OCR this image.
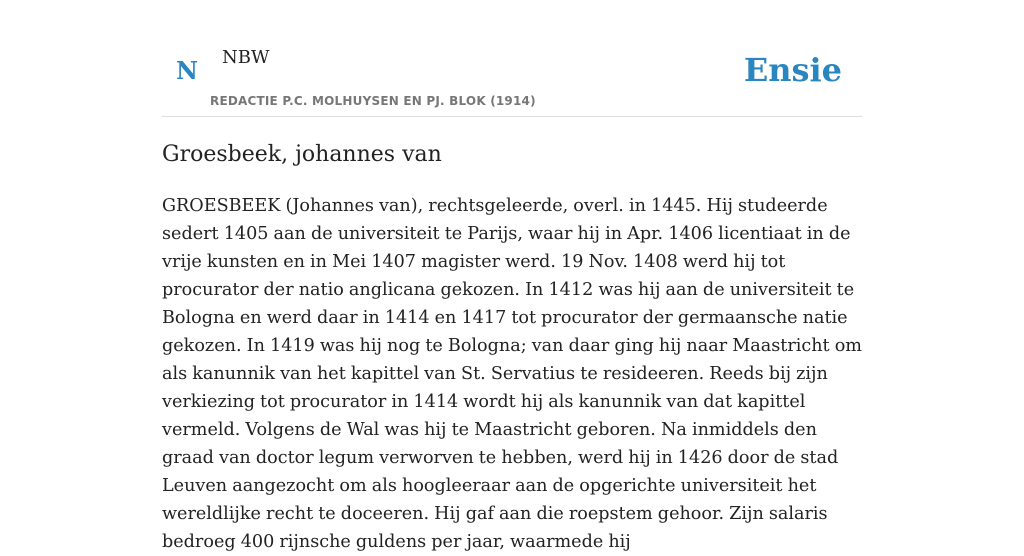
N NBW
REDACTIE P.C. MOLHUYSEN EN PJ. BLOK (1914)
Ensie
Groesbeek, johannes van

GROESBEEK (Johannes van), rechtsgeleerde, overl. in 1445. Hij studeerde sedert 1405 aan de universiteit te Parijs, waar hij in Apr. 1406 licentiaat in de vrije kunsten en in Mei 1407 magister werd. 19 Nov. 1408 werd hij tot procurator der natio anglicana gekozen. In 1412 was hij aan de universiteit te Bologna en werd daar in 1414 en 1417 tot procurator der germaansche natie gekozen. In 1419 was hij nog te Bologna; van daar ging hij naar Maastricht om als kanunnik van het kapittel van St. Servatius te resideeren. Reeds bij zijn verkiezing tot procurator in 1414 wordt hij als kanunnik van dat kapittel vermeld. Volgens de Wal was hij te Maastricht geboren. Na inmiddels den graad van doctor legum verworven te hebben, werd hij in 1426 door de stad Leuven aangezocht om als hoogleeraar aan de opgerichte universiteit het wereldlijke recht te doceeren. Hij gaf aan die roepstem gehoor. Zijn salaris bedroeg 400 rijnsche guldens per jaar, waarmede hij
